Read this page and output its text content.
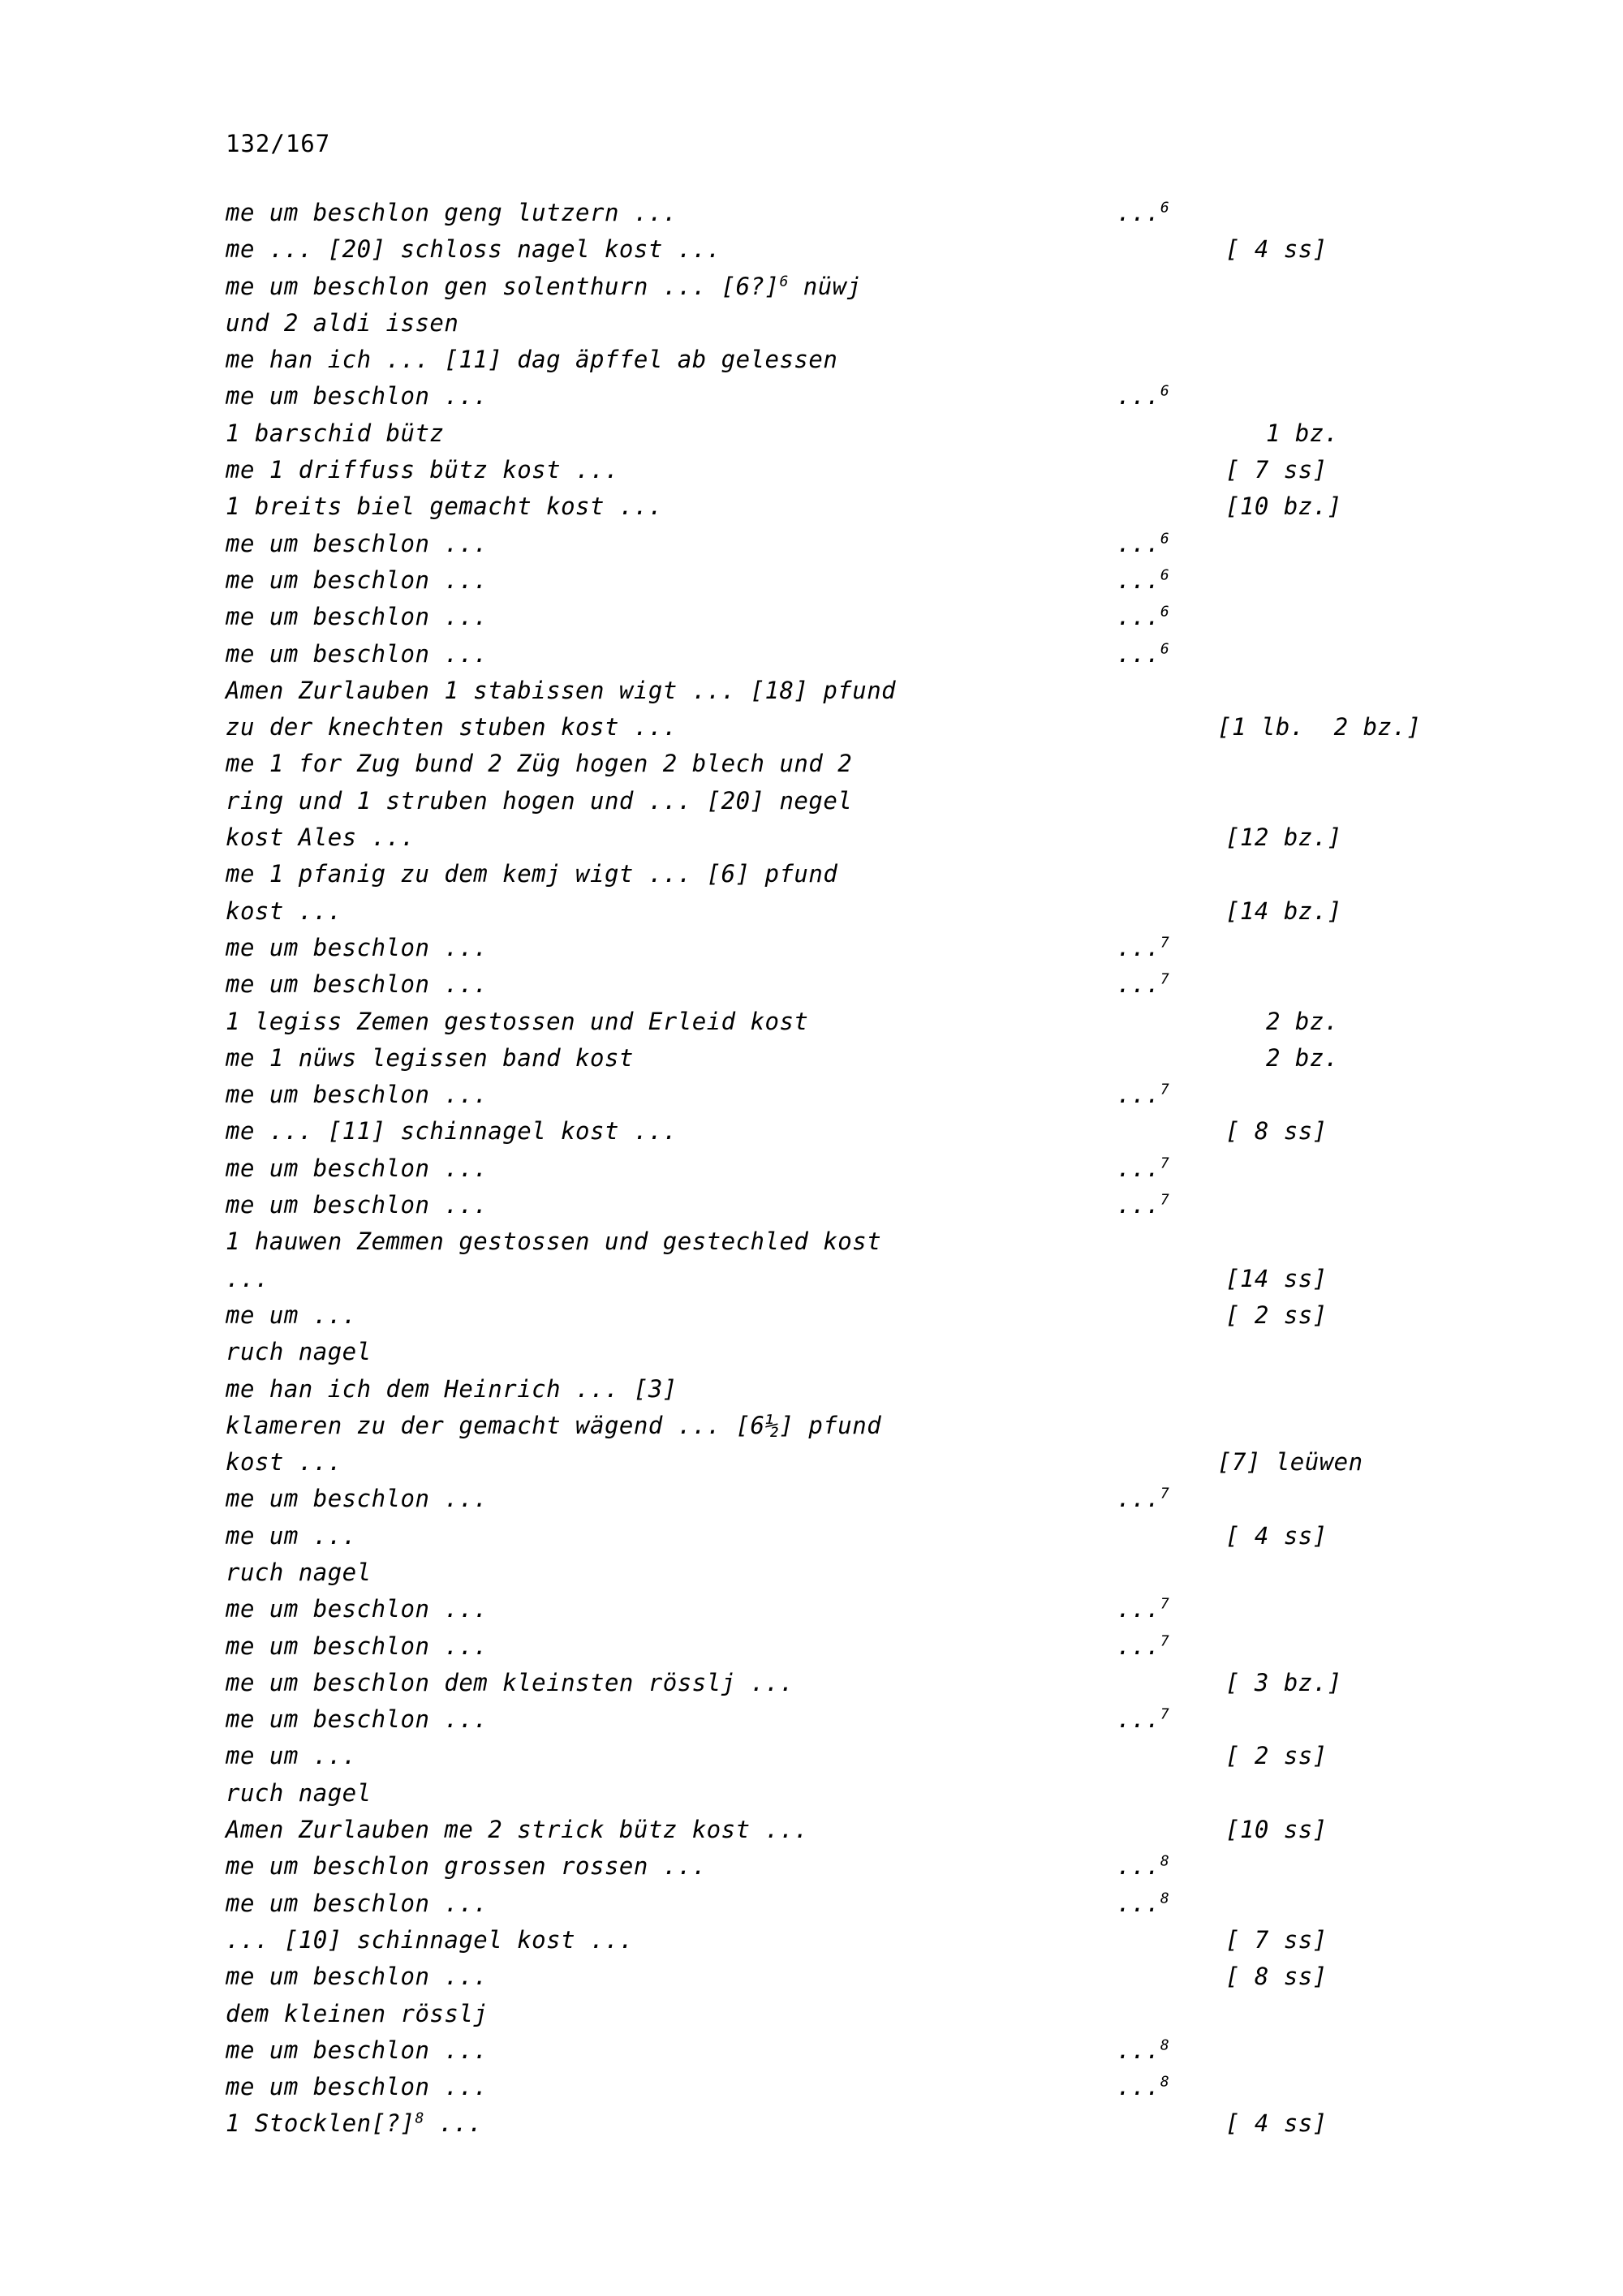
132/167
me um beschlon geng lutzern ...	...$^6$
me ... [20] schloss nagel kost ...	[ 4 ss]
me um beschlon gen solenthurn ... [6?]$^6$ nüwj
und 2 aldi issen
me han ich ... [11] dag äpffel ab gelessen
me um beschlon ...	...$^6$
1 barschid bütz	1 bz.
me 1 driffuss bütz kost ...	[ 7 ss]
1 breits biel gemacht kost ...	[10 bz.]
me um beschlon ...	...$^6$
me um beschlon ...	...$^6$
me um beschlon ...	...$^6$
me um beschlon ...	...$^6$
Amen Zurlauben 1 stabissen wigt ... [18] pfund
zu der knechten stuben kost ...	[1 lb.  2 bz.]
me 1 for Zug bund 2 Züg hogen 2 blech und 2
ring und 1 struben hogen und ... [20] negel
kost Ales ...	[12 bz.]
me 1 pfanig zu dem kemj wigt ... [6] pfund
kost ...	[14 bz.]
me um beschlon ...	...$^7$
me um beschlon ...	...$^7$
1 legiss Zemen gestossen und Erleid kost	2 bz.
me 1 nüws legissen band kost	2 bz.
me um beschlon ...	...$^7$
me ... [11] schinnagel kost ...	[ 8 ss]
me um beschlon ...	...$^7$
me um beschlon ...	...$^7$
1 hauwen Zemmen gestossen und gestechled kost
...	[14 ss]
me um ...	[ 2 ss]
ruch nagel
me han ich dem Heinrich ... [3]
klameren zu der gemacht wägend ... [6½] pfund
kost ...	[7] leüwen
me um beschlon ...	...$^7$
me um ...	[ 4 ss]
ruch nagel
me um beschlon ...	...$^7$
me um beschlon ...	...$^7$
me um beschlon dem kleinsten rösslj ...	[ 3 bz.]
me um beschlon ...	...$^7$
me um ...	[ 2 ss]
ruch nagel
Amen Zurlauben me 2 strick bütz kost ...	[10 ss]
me um beschlon grossen rossen ...	...$^8$
me um beschlon ...	...$^8$
... [10] schinnagel kost ...	[ 7 ss]
me um beschlon ...	[ 8 ss]
dem kleinen rösslj
me um beschlon ...	...$^8$
me um beschlon ...	...$^8$
1 Stocklen[?]$^8$ ...	[ 4 ss]
